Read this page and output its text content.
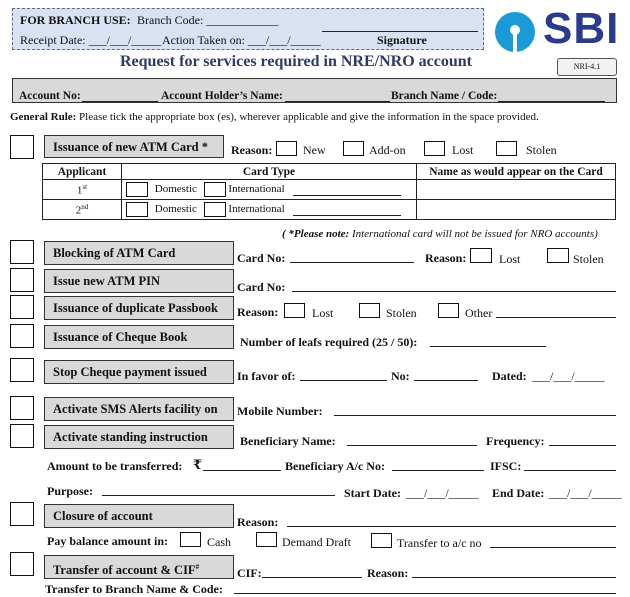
FOR BRANCH USE: Branch Code: ____________
Receipt Date: ___/___/_____ Action Taken on: ___/___/_____	Signature	SBI
Request for services required in NRE/NRO account	NRI-4.1
Account No:	Account Holder’s Name:	Branch Name / Code:
General Rule: Please tick the appropriate box (es), wherever applicable and give the information in the space provided.
Issuance of new ATM Card *	Reason:	New	Add-on	Lost	Stolen
Applicant	Card Type	Name as would appear on the Card
1st	Domestic International	
2nd	Domestic International	
( *Please note: International card will not be issued for NRO accounts)
Blocking of ATM Card	Card No:	Reason:	Lost	Stolen
Issue new ATM PIN	Card No:
Issuance of duplicate Passbook	Reason:	Lost	Stolen	Other
Issuance of Cheque Book	Number of leafs required (25 / 50):
Stop Cheque payment issued	In favor of:	No:	Dated: ___/___/_____
Activate SMS Alerts facility on	Mobile Number:
Activate standing instruction	Beneficiary Name:	Frequency:
Amount to be transferred: ₹	Beneficiary A/c No:	IFSC:
Purpose:	Start Date: ___/___/_____ End Date: ___/___/_____
Closure of account	Reason:
Pay balance amount in:	Cash	Demand Draft	Transfer to a/c no
Transfer of account & CIF#	CIF:	Reason:
Transfer to Branch Name & Code:
